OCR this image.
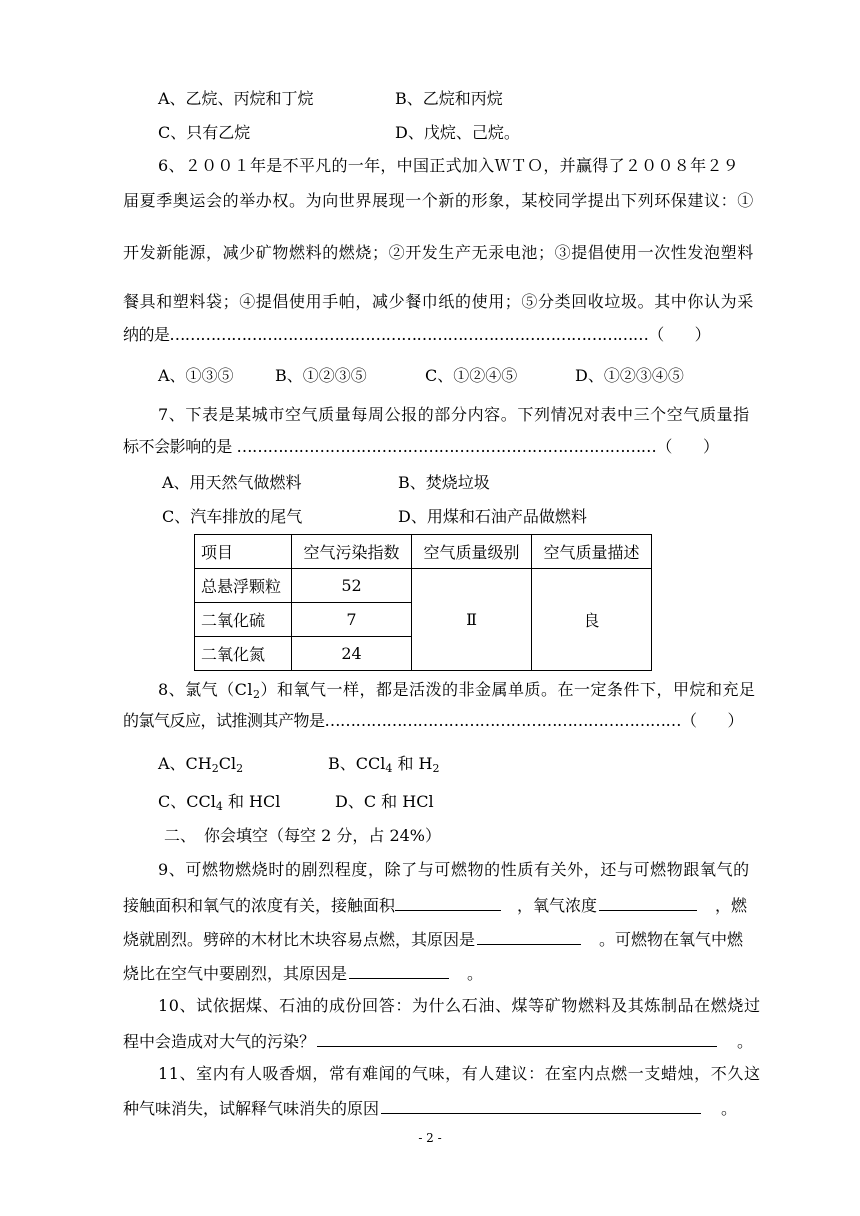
A、乙烷、丙烷和丁烷	B、乙烷和丙烷
C、只有乙烷	D、戊烷、己烷。
6、２００１年是不平凡的一年，中国正式加入ＷＴＯ，并赢得了２００８年２９
届夏季奥运会的举办权。为向世界展现一个新的形象，某校同学提出下列环保建议：①
开发新能源，减少矿物燃料的燃烧；②开发生产无汞电池；③提倡使用一次性发泡塑料
餐具和塑料袋；④提倡使用手帕，减少餐巾纸的使用；⑤分类回收垃圾。其中你认为采
纳的是…………………………………………………………………………………（　　）
A、①③⑤	B、①②③⑤	C、①②④⑤	D、①②③④⑤
7、下表是某城市空气质量每周公报的部分内容。下列情况对表中三个空气质量指
标不会影响的是 ………………………………………………………………………（　　）
A、用天然气做燃料	B、焚烧垃圾
C、汽车排放的尾气	D、用煤和石油产品做燃料
项目	空气污染指数	空气质量级别	空气质量描述
总悬浮颗粒	52	Ⅱ	良
二氧化硫	7		
二氧化氮	24		
8、氯气$(Cl_2)$和氧气一样，都是活泼的非金属单质。在一定条件下，甲烷和充足
的氯气反应，试推测其产物是……………………………………………………………（　　）
A、$CH_2Cl_2$	B、CCl$_4$ 和 $H_2$
C、CCl$_4$ 和 HCl	D、C 和 HCl
二、　你会填空（每空 2 分，占 24%）
9、可燃物燃烧时的剧烈程度，除了与可燃物的性质有关外，还与可燃物跟氧气的
接触面积和氧气的浓度有关，接触面积	，氧气浓度	，燃
烧就剧烈。劈碎的木材比木块容易点燃，其原因是	。可燃物在氧气中燃
烧比在空气中要剧烈，其原因是	。
10、试依据煤、石油的成份回答：为什么石油、煤等矿物燃料及其炼制品在燃烧过
程中会造成对大气的污染？	。
11、室内有人吸香烟，常有难闻的气味，有人建议：在室内点燃一支蜡烛，不久这
种气味消失，试解释气味消失的原因	。
- 2 -
